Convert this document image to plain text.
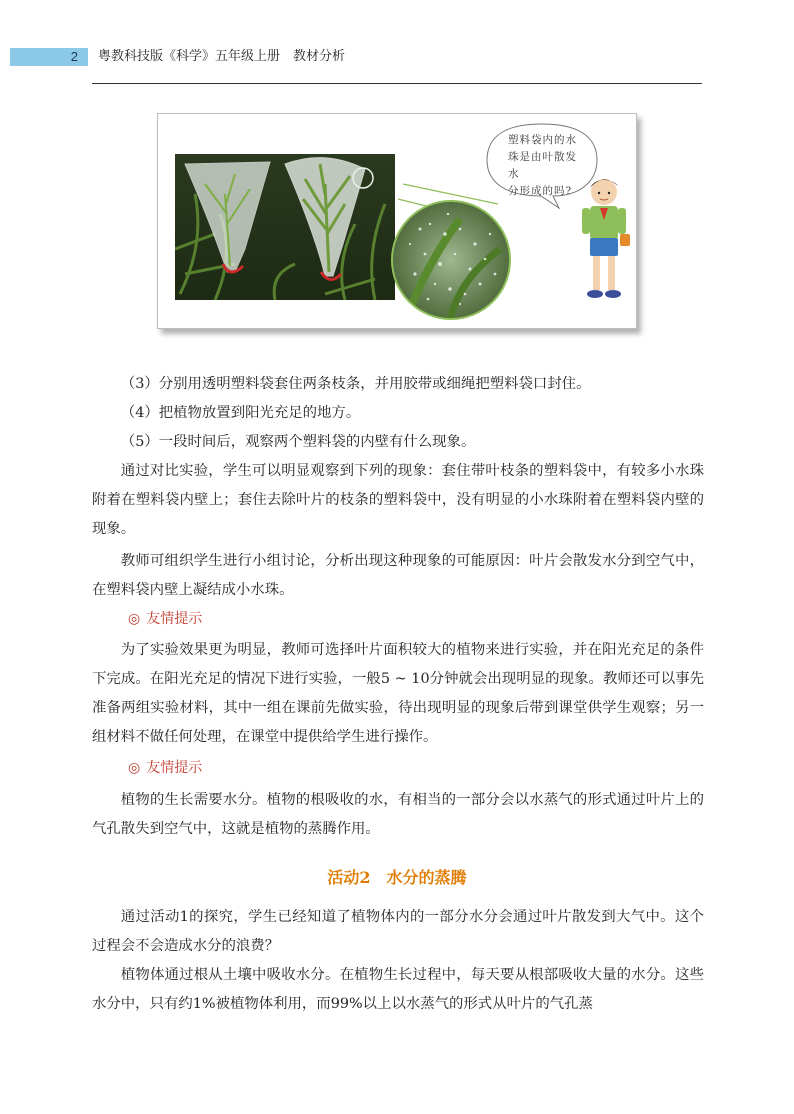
2	粤教科技版《科学》五年级上册　教材分析
塑料袋内的水
珠是由叶散发水
分形成的吗?

（3）分别用透明塑料袋套住两条枝条，并用胶带或细绳把塑料袋口封住。

（4）把植物放置到阳光充足的地方。

（5）一段时间后，观察两个塑料袋的内壁有什么现象。

通过对比实验，学生可以明显观察到下列的现象：套住带叶枝条的塑料袋中，有较多小水珠附着在塑料袋内壁上；套住去除叶片的枝条的塑料袋中，没有明显的小水珠附着在塑料袋内壁的现象。

教师可组织学生进行小组讨论，分析出现这种现象的可能原因：叶片会散发水分到空气中，在塑料袋内壁上凝结成小水珠。

◎ 友情提示

为了实验效果更为明显，教师可选择叶片面积较大的植物来进行实验，并在阳光充足的条件下完成。在阳光充足的情况下进行实验，一般5 ~ 10分钟就会出现明显的现象。教师还可以事先准备两组实验材料，其中一组在课前先做实验，待出现明显的现象后带到课堂供学生观察；另一组材料不做任何处理，在课堂中提供给学生进行操作。

◎ 友情提示

植物的生长需要水分。植物的根吸收的水，有相当的一部分会以水蒸气的形式通过叶片上的气孔散失到空气中，这就是植物的蒸腾作用。

活动2　水分的蒸腾

通过活动1的探究，学生已经知道了植物体内的一部分水分会通过叶片散发到大气中。这个过程会不会造成水分的浪费？

植物体通过根从土壤中吸收水分。在植物生长过程中，每天要从根部吸收大量的水分。这些水分中，只有约1%被植物体利用，而99%以上以水蒸气的形式从叶片的气孔蒸
